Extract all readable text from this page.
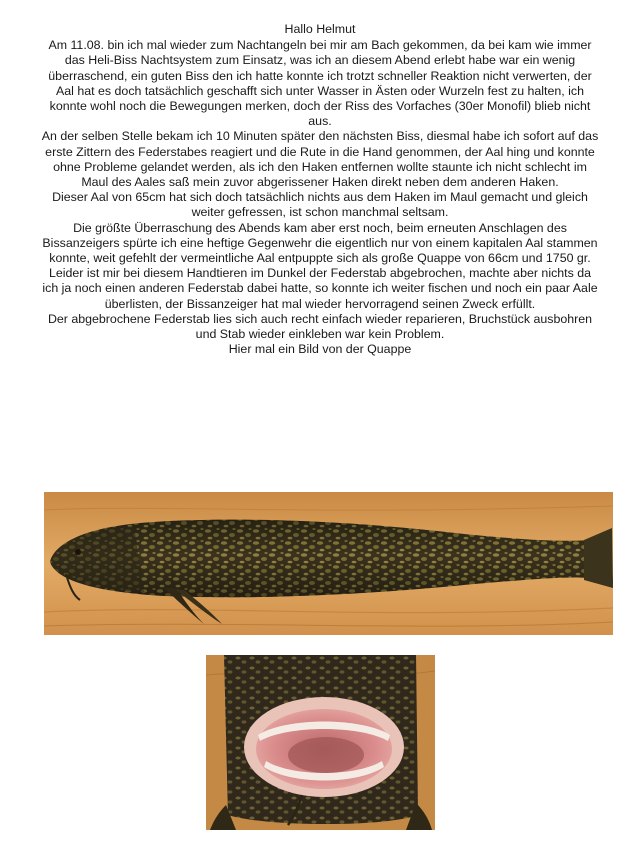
Hallo Helmut

Am 11.08. bin ich mal wieder zum Nachtangeln bei mir am Bach gekommen, da bei kam wie immer das Heli-Biss Nachtsystem zum Einsatz, was ich an diesem Abend erlebt habe war ein wenig überraschend, ein guten Biss den ich hatte konnte ich trotzt schneller Reaktion nicht verwerten, der Aal hat es doch tatsächlich geschafft sich unter Wasser in Ästen oder Wurzeln fest zu halten, ich konnte wohl noch die Bewegungen merken, doch der Riss des Vorfaches (30er Monofil) blieb nicht aus.

An der selben Stelle bekam ich 10 Minuten später den nächsten Biss, diesmal habe ich sofort auf das erste Zittern des Federstabes reagiert und die Rute in die Hand genommen, der Aal hing und konnte ohne Probleme gelandet werden, als ich den Haken entfernen wollte staunte ich nicht schlecht im Maul des Aales saß mein zuvor abgerissener Haken direkt neben dem anderen Haken.

Dieser Aal von 65cm hat sich doch tatsächlich nichts aus dem Haken im Maul gemacht und gleich weiter gefressen, ist schon manchmal seltsam.

Die größte Überraschung des Abends kam aber erst noch, beim erneuten Anschlagen des Bissanzeigers spürte ich eine heftige Gegenwehr die eigentlich nur von einem kapitalen Aal stammen konnte, weit gefehlt der vermeintliche Aal entpuppte sich als große Quappe von 66cm und 1750 gr.

Leider ist mir bei diesem Handtieren im Dunkel der Federstab abgebrochen, machte aber nichts da ich ja noch einen anderen Federstab dabei hatte, so konnte ich weiter fischen und noch ein paar Aale überlisten, der Bissanzeiger hat mal wieder hervorragend seinen Zweck erfüllt.

Der abgebrochene Federstab lies sich auch recht einfach wieder reparieren, Bruchstück ausbohren und Stab wieder einkleben war kein Problem.

Hier mal ein Bild von der Quappe
